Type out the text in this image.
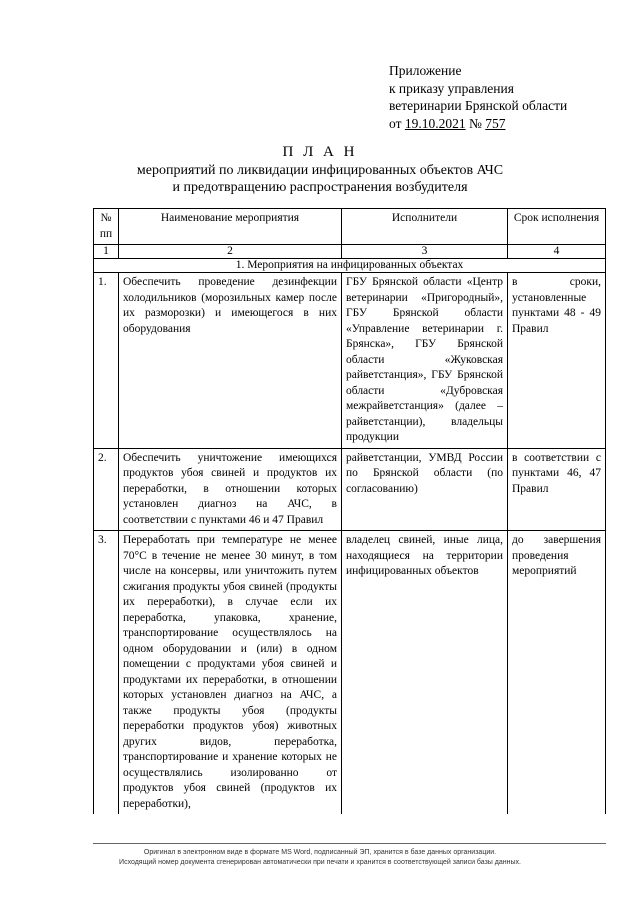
Приложение
к приказу управления
ветеринарии Брянской области
от 19.10.2021 № 757
П Л А Н
мероприятий по ликвидации инфицированных объектов АЧС
и предотвращению распространения возбудителя
№ пп	Наименование мероприятия	Исполнители	Срок исполнения
1	2	3	4
1. Мероприятия на инфицированных объектах			
1.	Обеспечить проведение дезинфекции холодильников (морозильных камер после их разморозки) и имеющегося в них оборудования	ГБУ Брянской области «Центр ветеринарии «Пригородный», ГБУ Брянской области «Управление ветеринарии г. Брянска», ГБУ Брянской области «Жуковская райветстанция», ГБУ Брянской области «Дубровская межрайветстанция» (далее – райветстанции), владельцы продукции	в сроки, установленные пунктами 48 - 49 Правил
2.	Обеспечить уничтожение имеющихся продуктов убоя свиней и продуктов их переработки, в отношении которых установлен диагноз на АЧС, в соответствии с пунктами 46 и 47 Правил	райветстанции, УМВД России по Брянской области (по согласованию)	в соответствии с пунктами 46, 47 Правил
3.	Переработать при температуре не менее 70°С в течение не менее 30 минут, в том числе на консервы, или уничтожить путем сжигания продукты убоя свиней (продукты их переработки), в случае если их переработка, упаковка, хранение, транспортирование осуществлялось на одном оборудовании и (или) в одном помещении с продуктами убоя свиней и продуктами их переработки, в отношении которых установлен диагноз на АЧС, а также продукты убоя (продукты переработки продуктов убоя) животных других видов, переработка, транспортирование и хранение которых не осуществлялись изолированно от продуктов убоя свиней (продуктов их переработки),	владелец свиней, иные лица, находящиеся на территории инфицированных объектов	до завершения проведения мероприятий
Оригинал в электронном виде в формате MS Word, подписанный ЭП, хранится в базе данных организации.
Исходящий номер документа сгенерирован автоматически при печати и хранится в соответствующей записи базы данных.
